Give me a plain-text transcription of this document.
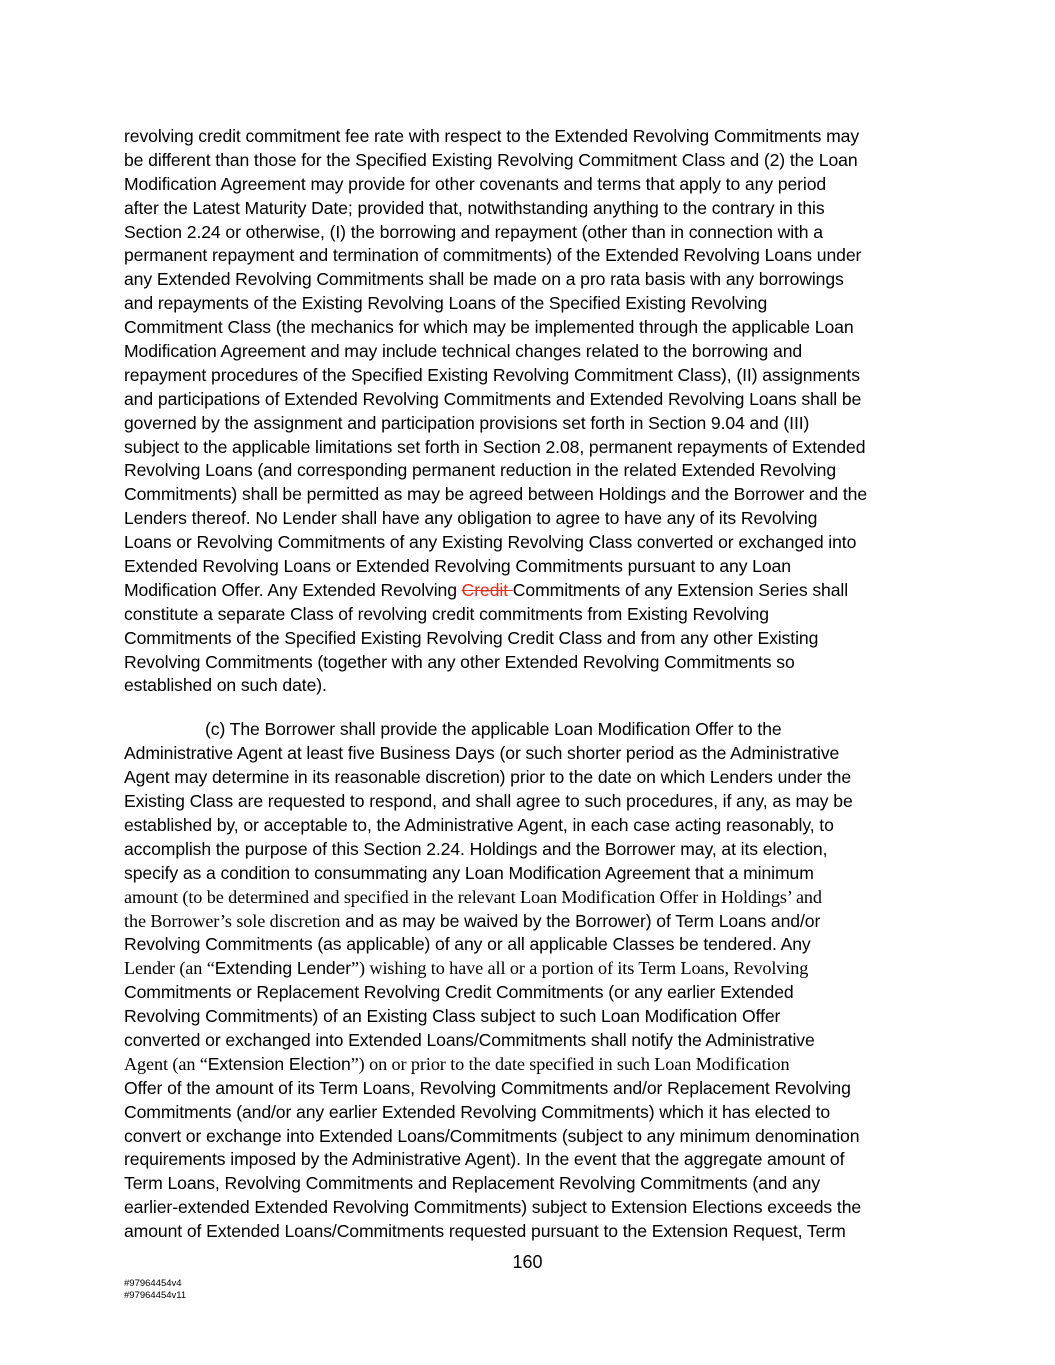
revolving credit commitment fee rate with respect to the Extended Revolving Commitments may
be different than those for the Specified Existing Revolving Commitment Class and (2) the Loan
Modification Agreement may provide for other covenants and terms that apply to any period
after the Latest Maturity Date; provided that, notwithstanding anything to the contrary in this
Section 2.24 or otherwise, (I) the borrowing and repayment (other than in connection with a
permanent repayment and termination of commitments) of the Extended Revolving Loans under
any Extended Revolving Commitments shall be made on a pro rata basis with any borrowings
and repayments of the Existing Revolving Loans of the Specified Existing Revolving
Commitment Class (the mechanics for which may be implemented through the applicable Loan
Modification Agreement and may include technical changes related to the borrowing and
repayment procedures of the Specified Existing Revolving Commitment Class), (II) assignments
and participations of Extended Revolving Commitments and Extended Revolving Loans shall be
governed by the assignment and participation provisions set forth in Section 9.04 and (III)
subject to the applicable limitations set forth in Section 2.08, permanent repayments of Extended
Revolving Loans (and corresponding permanent reduction in the related Extended Revolving
Commitments) shall be permitted as may be agreed between Holdings and the Borrower and the
Lenders thereof. No Lender shall have any obligation to agree to have any of its Revolving
Loans or Revolving Commitments of any Existing Revolving Class converted or exchanged into
Extended Revolving Loans or Extended Revolving Commitments pursuant to any Loan
Modification Offer. Any Extended Revolving Credit Commitments of any Extension Series shall
constitute a separate Class of revolving credit commitments from Existing Revolving
Commitments of the Specified Existing Revolving Credit Class and from any other Existing
Revolving Commitments (together with any other Extended Revolving Commitments so
established on such date).
(c) The Borrower shall provide the applicable Loan Modification Offer to the
Administrative Agent at least five Business Days (or such shorter period as the Administrative
Agent may determine in its reasonable discretion) prior to the date on which Lenders under the
Existing Class are requested to respond, and shall agree to such procedures, if any, as may be
established by, or acceptable to, the Administrative Agent, in each case acting reasonably, to
accomplish the purpose of this Section 2.24. Holdings and the Borrower may, at its election,
specify as a condition to consummating any Loan Modification Agreement that a minimum
amount (to be determined and specified in the relevant Loan Modification Offer in Holdings’ and
the Borrower’s sole discretion and as may be waived by the Borrower) of Term Loans and/or
Revolving Commitments (as applicable) of any or all applicable Classes be tendered. Any
Lender (an “Extending Lender”) wishing to have all or a portion of its Term Loans, Revolving
Commitments or Replacement Revolving Credit Commitments (or any earlier Extended
Revolving Commitments) of an Existing Class subject to such Loan Modification Offer
converted or exchanged into Extended Loans/Commitments shall notify the Administrative
Agent (an “Extension Election”) on or prior to the date specified in such Loan Modification
Offer of the amount of its Term Loans, Revolving Commitments and/or Replacement Revolving
Commitments (and/or any earlier Extended Revolving Commitments) which it has elected to
convert or exchange into Extended Loans/Commitments (subject to any minimum denomination
requirements imposed by the Administrative Agent). In the event that the aggregate amount of
Term Loans, Revolving Commitments and Replacement Revolving Commitments (and any
earlier-extended Extended Revolving Commitments) subject to Extension Elections exceeds the
amount of Extended Loans/Commitments requested pursuant to the Extension Request, Term
160
#97964454v4
#97964454v11
